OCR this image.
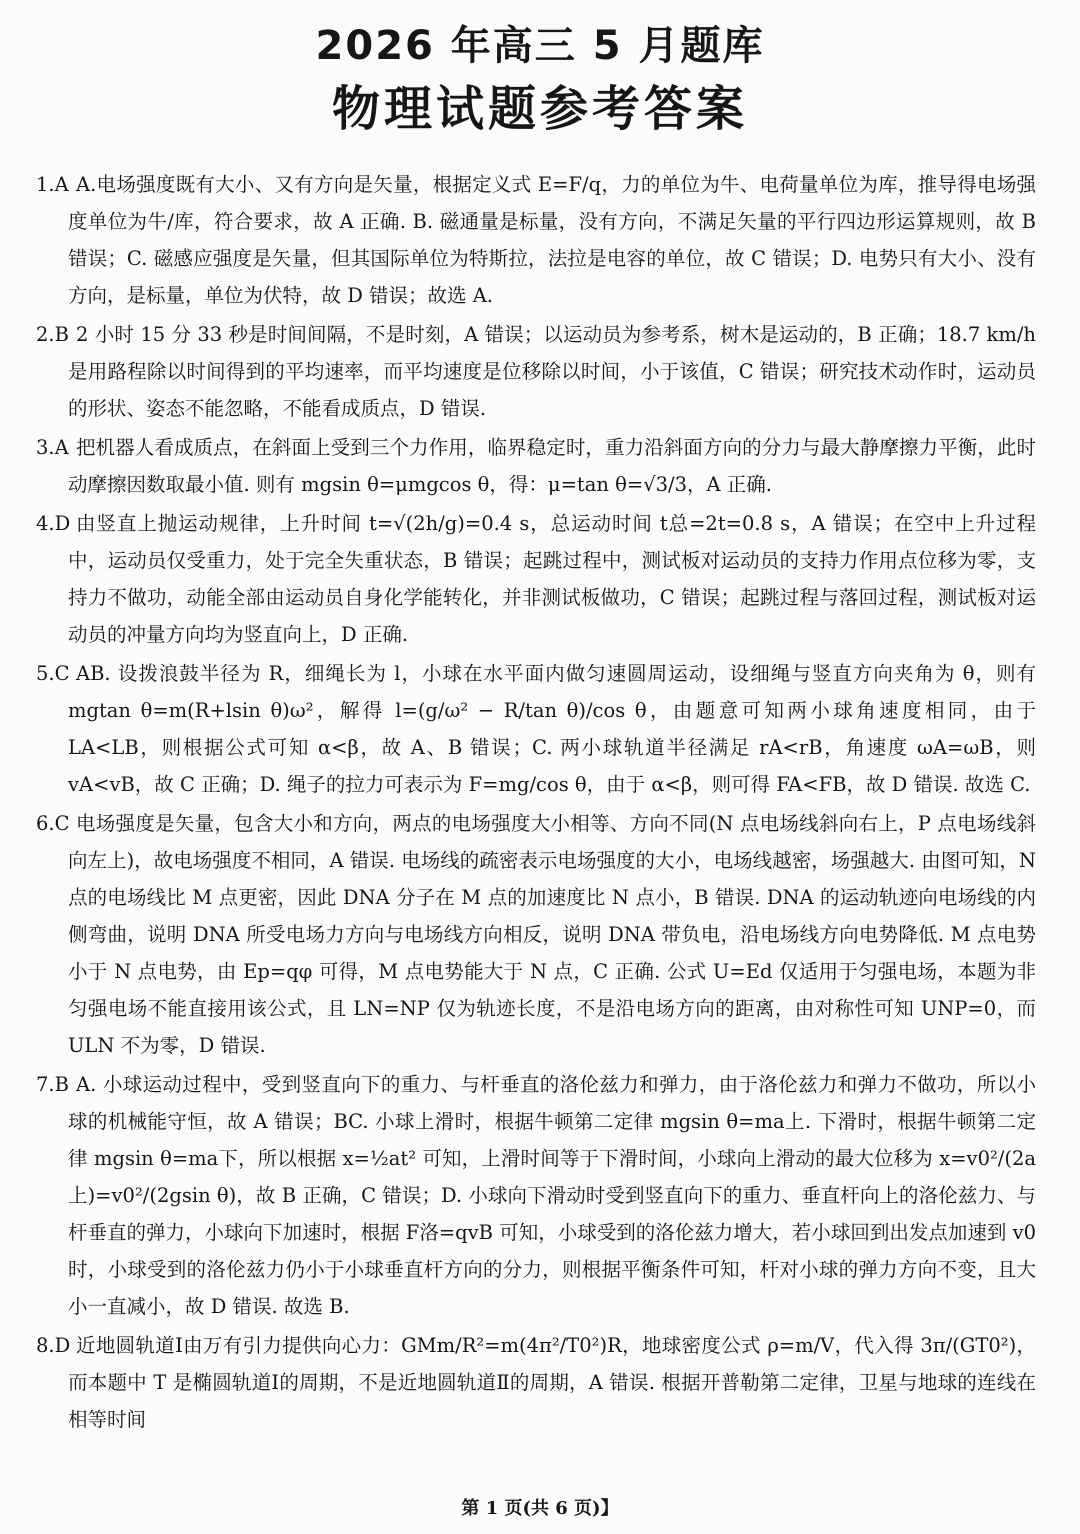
2026 年高三 5 月题库
物理试题参考答案
1.A A.电场强度既有大小、又有方向是矢量，根据定义式 E=F/q，力的单位为牛、电荷量单位为库，推导得电场强度单位为牛/库，符合要求，故 A 正确. B. 磁通量是标量，没有方向，不满足矢量的平行四边形运算规则，故 B 错误；C. 磁感应强度是矢量，但其国际单位为特斯拉，法拉是电容的单位，故 C 错误；D. 电势只有大小、没有方向，是标量，单位为伏特，故 D 错误；故选 A.
2.B 2 小时 15 分 33 秒是时间间隔，不是时刻，A 错误；以运动员为参考系，树木是运动的，B 正确；18.7 km/h 是用路程除以时间得到的平均速率，而平均速度是位移除以时间，小于该值，C 错误；研究技术动作时，运动员的形状、姿态不能忽略，不能看成质点，D 错误.
3.A 把机器人看成质点，在斜面上受到三个力作用，临界稳定时，重力沿斜面方向的分力与最大静摩擦力平衡，此时动摩擦因数取最小值. 则有 mgsin θ=μmgcos θ，得：μ=tan θ=√3/3，A 正确.
4.D 由竖直上抛运动规律，上升时间 t=√(2h/g)=0.4 s，总运动时间 t总=2t=0.8 s，A 错误；在空中上升过程中，运动员仅受重力，处于完全失重状态，B 错误；起跳过程中，测试板对运动员的支持力作用点位移为零，支持力不做功，动能全部由运动员自身化学能转化，并非测试板做功，C 错误；起跳过程与落回过程，测试板对运动员的冲量方向均为竖直向上，D 正确.
5.C AB. 设拨浪鼓半径为 R，细绳长为 l，小球在水平面内做匀速圆周运动，设细绳与竖直方向夹角为 θ，则有 mgtan θ=m(R+lsin θ)ω²，解得 l=(g/ω² − R/tan θ)/cos θ，由题意可知两小球角速度相同，由于 LA<LB，则根据公式可知 α<β，故 A、B 错误；C. 两小球轨道半径满足 rA<rB，角速度 ωA=ωB，则 vA<vB，故 C 正确；D. 绳子的拉力可表示为 F=mg/cos θ，由于 α<β，则可得 FA<FB，故 D 错误. 故选 C.
6.C 电场强度是矢量，包含大小和方向，两点的电场强度大小相等、方向不同(N 点电场线斜向右上，P 点电场线斜向左上)，故电场强度不相同，A 错误. 电场线的疏密表示电场强度的大小，电场线越密，场强越大. 由图可知，N 点的电场线比 M 点更密，因此 DNA 分子在 M 点的加速度比 N 点小，B 错误. DNA 的运动轨迹向电场线的内侧弯曲，说明 DNA 所受电场力方向与电场线方向相反，说明 DNA 带负电，沿电场线方向电势降低. M 点电势小于 N 点电势，由 Ep=qφ 可得，M 点电势能大于 N 点，C 正确. 公式 U=Ed 仅适用于匀强电场，本题为非匀强电场不能直接用该公式，且 LN=NP 仅为轨迹长度，不是沿电场方向的距离，由对称性可知 UNP=0，而 ULN 不为零，D 错误.
7.B A. 小球运动过程中，受到竖直向下的重力、与杆垂直的洛伦兹力和弹力，由于洛伦兹力和弹力不做功，所以小球的机械能守恒，故 A 错误；BC. 小球上滑时，根据牛顿第二定律 mgsin θ=ma上. 下滑时，根据牛顿第二定律 mgsin θ=ma下，所以根据 x=½at² 可知，上滑时间等于下滑时间，小球向上滑动的最大位移为 x=v0²/(2a上)=v0²/(2gsin θ)，故 B 正确，C 错误；D. 小球向下滑动时受到竖直向下的重力、垂直杆向上的洛伦兹力、与杆垂直的弹力，小球向下加速时，根据 F洛=qvB 可知，小球受到的洛伦兹力增大，若小球回到出发点加速到 v0 时，小球受到的洛伦兹力仍小于小球垂直杆方向的分力，则根据平衡条件可知，杆对小球的弹力方向不变，且大小一直减小，故 D 错误. 故选 B.
8.D 近地圆轨道Ⅰ由万有引力提供向心力：GMm/R²=m(4π²/T0²)R，地球密度公式 ρ=m/V，代入得 3π/(GT0²)，而本题中 T 是椭圆轨道Ⅰ的周期，不是近地圆轨道Ⅱ的周期，A 错误. 根据开普勒第二定律，卫星与地球的连线在相等时间
第 1 页(共 6 页)】
